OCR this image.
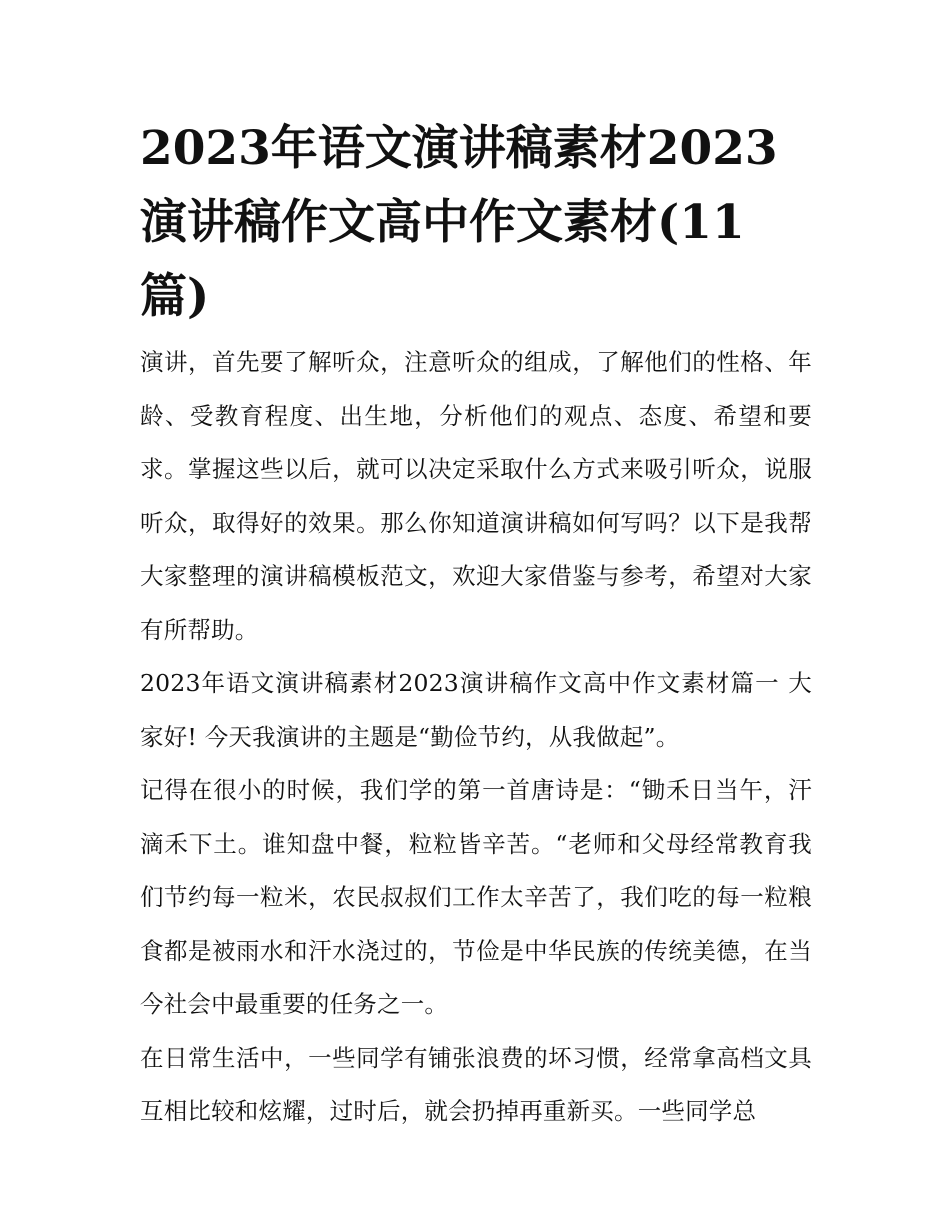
2023年语文演讲稿素材2023演讲稿作文高中作文素材(11篇)

演讲，首先要了解听众，注意听众的组成，了解他们的性格、年龄、受教育程度、出生地，分析他们的观点、态度、希望和要求。掌握这些以后，就可以决定采取什么方式来吸引听众，说服听众，取得好的效果。那么你知道演讲稿如何写吗？以下是我帮大家整理的演讲稿模板范文，欢迎大家借鉴与参考，希望对大家有所帮助。

2023年语文演讲稿素材2023演讲稿作文高中作文素材篇一 大家好! 今天我演讲的主题是“勤俭节约，从我做起”。

记得在很小的时候，我们学的第一首唐诗是：“锄禾日当午，汗滴禾下土。谁知盘中餐，粒粒皆辛苦。“老师和父母经常教育我们节约每一粒米，农民叔叔们工作太辛苦了，我们吃的每一粒粮食都是被雨水和汗水浇过的，节俭是中华民族的传统美德，在当今社会中最重要的任务之一。

在日常生活中，一些同学有铺张浪费的坏习惯，经常拿高档文具互相比较和炫耀，过时后，就会扔掉再重新买。一些同学总
